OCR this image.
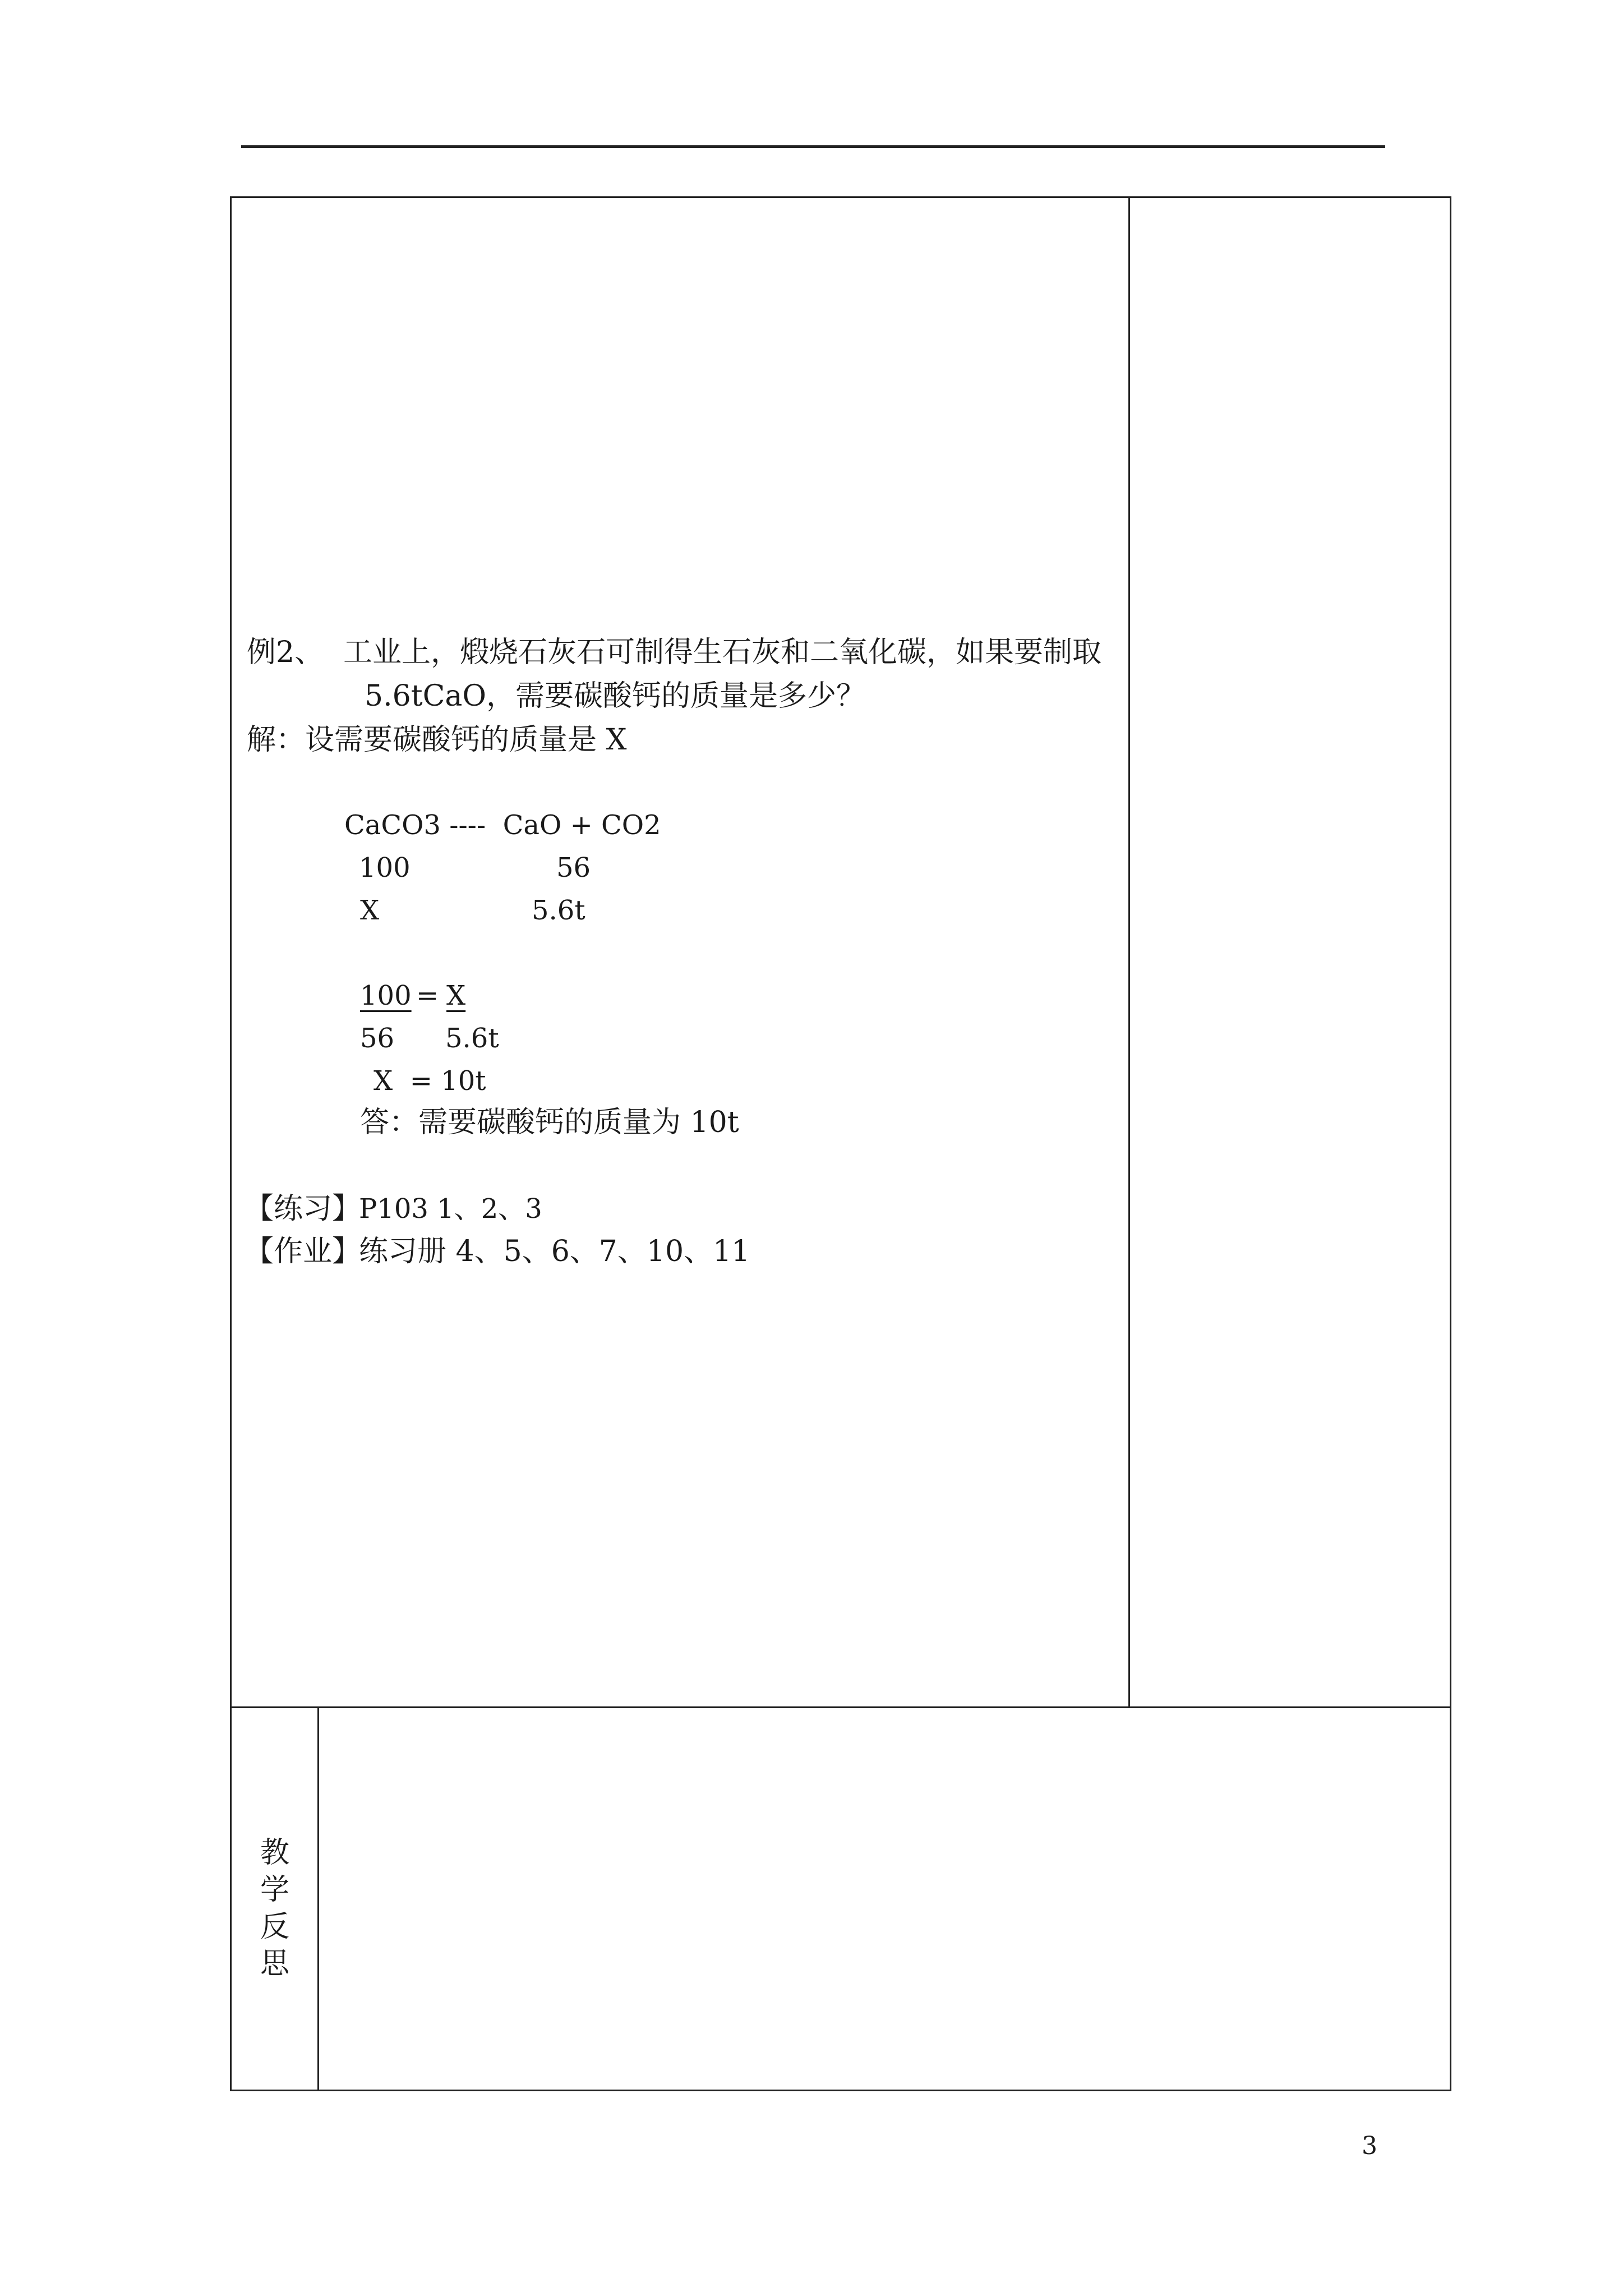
例2、 工业上，煅烧石灰石可制得生石灰和二氧化碳，如果要制取
5.6tCaO，需要碳酸钙的质量是多少？
解：设需要碳酸钙的质量是 X
CaCO3 ----  CaO + CO2
100	56
X	5.6t
100 = X
56 5.6t
X  = 10t
答：需要碳酸钙的质量为 10t
【练习】
P103 1、2、3
【作业】
练习册 4、5、6、7、10、11
教
学
反
思
3
